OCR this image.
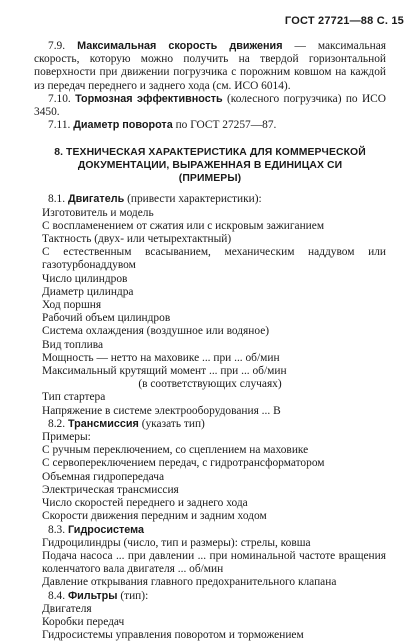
ГОСТ 27721—88 С. 15

7.9. Максимальная скорость движения — максимальная скорость, которую можно получить на твердой горизонтальной поверхности при движении погрузчика с порожним ковшом на каждой из передач переднего и заднего хода (см. ИСО 6014).

7.10. Тормозная эффективность (колесного погрузчика) по ИСО 3450.

7.11. Диаметр поворота по ГОСТ 27257—87.

8. ТЕХНИЧЕСКАЯ ХАРАКТЕРИСТИКА ДЛЯ КОММЕРЧЕСКОЙ
ДОКУМЕНТАЦИИ, ВЫРАЖЕННАЯ В ЕДИНИЦАХ СИ
(ПРИМЕРЫ)

8.1. Двигатель (привести характеристики):

Изготовитель и модель

С воспламенением от сжатия или с искровым зажиганием

Тактность (двух- или четырехтактный)

С естественным всасыванием, механическим наддувом или газотурбонаддувом

Число цилиндров

Диаметр цилиндра

Ход поршня

Рабочий объем цилиндров

Система охлаждения (воздушное или водяное)

Вид топлива

Мощность — нетто на маховике ... при ... об/мин

Максимальный крутящий момент ... при ... об/мин

(в соответствующих случаях)

Тип стартера

Напряжение в системе электрооборудования ... В

8.2. Трансмиссия (указать тип)

Примеры:

С ручным переключением, со сцеплением на маховике

С сервопереключением передач, с гидротрансформатором

Объемная гидропередача

Электрическая трансмиссия

Число скоростей переднего и заднего хода

Скорости движения передним и задним ходом

8.3. Гидросистема

Гидроцилиндры (число, тип и размеры): стрелы, ковша

Подача насоса ... при давлении ... при номинальной частоте вращения коленчатого вала двигателя ... об/мин

Давление открывания главного предохранительного клапана

8.4. Фильтры (тип):

Двигателя

Коробки передач

Гидросистемы управления поворотом и торможением
